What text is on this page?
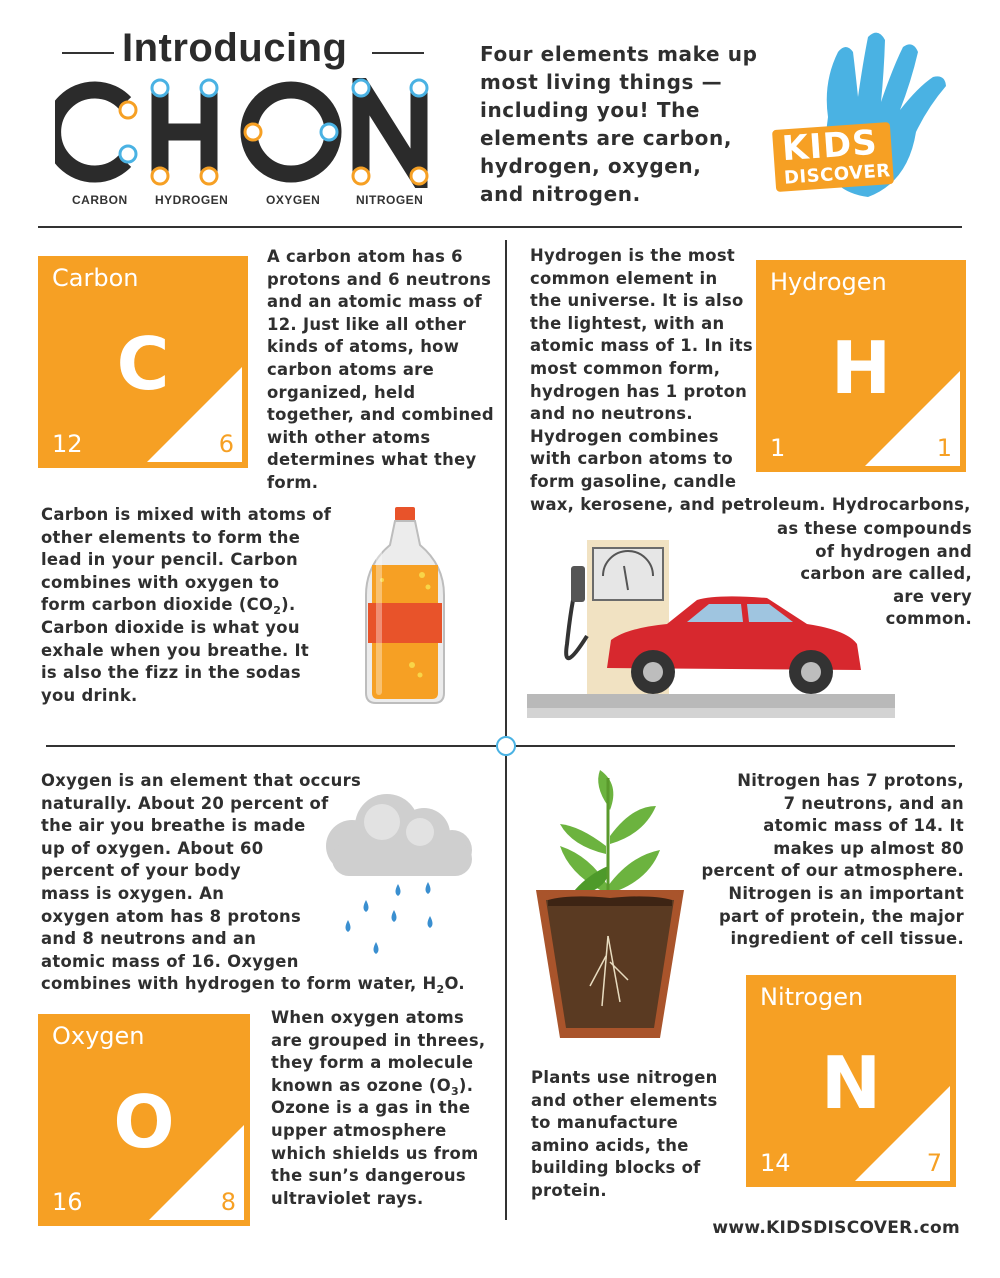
Introducing
CARBON HYDROGEN	OXYGEN	NITROGEN
Four elements make up
most living things —
including you! The
elements are carbon,
hydrogen, oxygen,
and nitrogen.
KIDS
DISCOVER
Carbon
C
12	6
A carbon atom has 6
protons and 6 neutrons
and an atomic mass of
12. Just like all other
kinds of atoms, how
carbon atoms are
organized, held
together, and combined
with other atoms
determines what they
form.
Carbon is mixed with atoms of
other elements to form the
lead in your pencil. Carbon
combines with oxygen to
form carbon dioxide $(CO_2)$.
Carbon dioxide is what you
exhale when you breathe. It
is also the fizz in the sodas
you drink.
Hydrogen
H
1	1
Hydrogen is the most
common element in
the universe. It is also
the lightest, with an
atomic mass of 1. In its
most common form,
hydrogen has 1 proton
and no neutrons.
Hydrogen combines
with carbon atoms to
form gasoline, candle
wax, kerosene, and petroleum. Hydrocarbons,
as these compounds
of hydrogen and
carbon are called,
are very
common.
Oxygen is an element that occurs
naturally. About 20 percent of
the air you breathe is made
up of oxygen. About 60
percent of your body
mass is oxygen. An
oxygen atom has 8 protons
and 8 neutrons and an
atomic mass of 16. Oxygen
combines with hydrogen to form water, $H_2O$.
Oxygen
O
16	8
When oxygen atoms
are grouped in threes,
they form a molecule
known as ozone $(O_3)$.
Ozone is a gas in the
upper atmosphere
which shields us from
the sun’s dangerous
ultraviolet rays.
Nitrogen has 7 protons,
7 neutrons, and an
atomic mass of 14. It
makes up almost 80
percent of our atmosphere.
Nitrogen is an important
part of protein, the major
ingredient of cell tissue.
Nitrogen
N
14	7
Plants use nitrogen
and other elements
to manufacture
amino acids, the
building blocks of
protein.
www.KIDSDISCOVER.com
